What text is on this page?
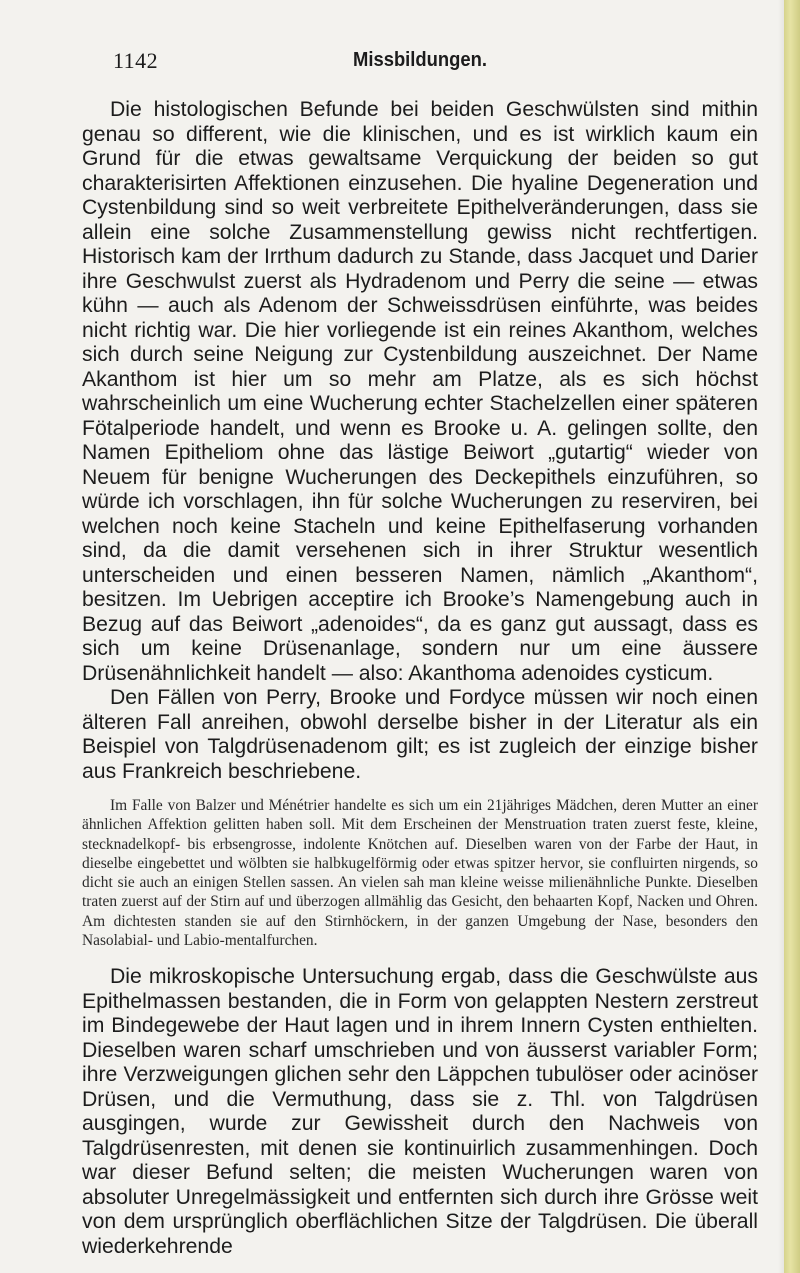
1142	Missbildungen.

Die histologischen Befunde bei beiden Geschwülsten sind mithin genau so different, wie die klinischen, und es ist wirklich kaum ein Grund für die etwas gewaltsame Verquickung der beiden so gut charakterisirten Affektionen einzusehen. Die hyaline Degeneration und Cystenbildung sind so weit verbreitete Epithelveränderungen, dass sie allein eine solche Zusammenstellung gewiss nicht rechtfertigen. Historisch kam der Irrthum dadurch zu Stande, dass Jacquet und Darier ihre Geschwulst zuerst als Hydradenom und Perry die seine — etwas kühn — auch als Adenom der Schweissdrüsen einführte, was beides nicht richtig war. Die hier vorliegende ist ein reines Akanthom, welches sich durch seine Neigung zur Cystenbildung auszeichnet. Der Name Akanthom ist hier um so mehr am Platze, als es sich höchst wahrscheinlich um eine Wucherung echter Stachelzellen einer späteren Fötalperiode handelt, und wenn es Brooke u. A. gelingen sollte, den Namen Epitheliom ohne das lästige Beiwort „gutartig“ wieder von Neuem für benigne Wucherungen des Deckepithels einzuführen, so würde ich vorschlagen, ihn für solche Wucherungen zu reserviren, bei welchen noch keine Stacheln und keine Epithelfaserung vorhanden sind, da die damit versehenen sich in ihrer Struktur wesentlich unterscheiden und einen besseren Namen, nämlich „Akanthom“, besitzen. Im Uebrigen acceptire ich Brooke’s Namengebung auch in Bezug auf das Beiwort „adenoides“, da es ganz gut aussagt, dass es sich um keine Drüsenanlage, sondern nur um eine äussere Drüsenähnlichkeit handelt — also: Akanthoma adenoides cysticum.

Den Fällen von Perry, Brooke und Fordyce müssen wir noch einen älteren Fall anreihen, obwohl derselbe bisher in der Literatur als ein Beispiel von Talgdrüsenadenom gilt; es ist zugleich der einzige bisher aus Frankreich beschriebene.

Im Falle von Balzer und Ménétrier handelte es sich um ein 21jähriges Mädchen, deren Mutter an einer ähnlichen Affektion gelitten haben soll. Mit dem Erscheinen der Menstruation traten zuerst feste, kleine, stecknadelkopf- bis erbsengrosse, indolente Knötchen auf. Dieselben waren von der Farbe der Haut, in dieselbe eingebettet und wölbten sie halbkugelförmig oder etwas spitzer hervor, sie confluirten nirgends, so dicht sie auch an einigen Stellen sassen. An vielen sah man kleine weisse milienähnliche Punkte. Dieselben traten zuerst auf der Stirn auf und überzogen allmählig das Gesicht, den behaarten Kopf, Nacken und Ohren. Am dichtesten standen sie auf den Stirnhöckern, in der ganzen Umgebung der Nase, besonders den Nasolabial- und Labio-mentalfurchen.

Die mikroskopische Untersuchung ergab, dass die Geschwülste aus Epithelmassen bestanden, die in Form von gelappten Nestern zerstreut im Bindegewebe der Haut lagen und in ihrem Innern Cysten enthielten. Dieselben waren scharf umschrieben und von äusserst variabler Form; ihre Verzweigungen glichen sehr den Läppchen tubulöser oder acinöser Drüsen, und die Vermuthung, dass sie z. Thl. von Talgdrüsen ausgingen, wurde zur Gewissheit durch den Nachweis von Talgdrüsenresten, mit denen sie kontinuirlich zusammenhingen. Doch war dieser Befund selten; die meisten Wucherungen waren von absoluter Unregelmässigkeit und entfernten sich durch ihre Grösse weit von dem ursprünglich oberflächlichen Sitze der Talgdrüsen. Die überall wiederkehrende
